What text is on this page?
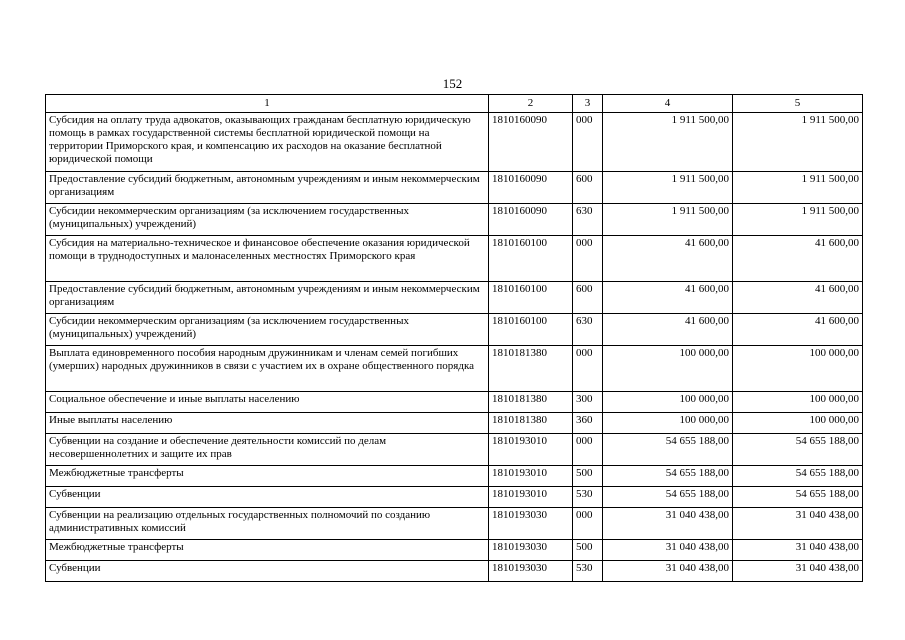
152
1	2	3	4	5
Субсидия на оплату труда адвокатов, оказывающих гражданам бесплатную юридическую помощь в рамках государственной системы бесплатной юридической помощи на территории Приморского края, и компенсацию их расходов на оказание бесплатной юридической помощи	1810160090	000	1 911 500,00	1 911 500,00
Предоставление субсидий бюджетным, автономным учреждениям и иным некоммерческим организациям	1810160090	600	1 911 500,00	1 911 500,00
Субсидии некоммерческим организациям (за исключением государственных (муниципальных) учреждений)	1810160090	630	1 911 500,00	1 911 500,00
Субсидия на материально-техническое и финансовое обеспечение оказания юридической помощи в труднодоступных и малонаселенных местностях Приморского края	1810160100	000	41 600,00	41 600,00
Предоставление субсидий бюджетным, автономным учреждениям и иным некоммерческим организациям	1810160100	600	41 600,00	41 600,00
Субсидии некоммерческим организациям (за исключением государственных (муниципальных) учреждений)	1810160100	630	41 600,00	41 600,00
Выплата единовременного пособия народным дружинникам и членам семей погибших (умерших) народных дружинников в связи с участием их в охране общественного порядка	1810181380	000	100 000,00	100 000,00
Социальное обеспечение и иные выплаты населению	1810181380	300	100 000,00	100 000,00
Иные выплаты населению	1810181380	360	100 000,00	100 000,00
Субвенции на создание и обеспечение деятельности комиссий по делам несовершеннолетних и защите их прав	1810193010	000	54 655 188,00	54 655 188,00
Межбюджетные трансферты	1810193010	500	54 655 188,00	54 655 188,00
Субвенции	1810193010	530	54 655 188,00	54 655 188,00
Субвенции на реализацию отдельных государственных полномочий по созданию административных комиссий	1810193030	000	31 040 438,00	31 040 438,00
Межбюджетные трансферты	1810193030	500	31 040 438,00	31 040 438,00
Субвенции	1810193030	530	31 040 438,00	31 040 438,00
